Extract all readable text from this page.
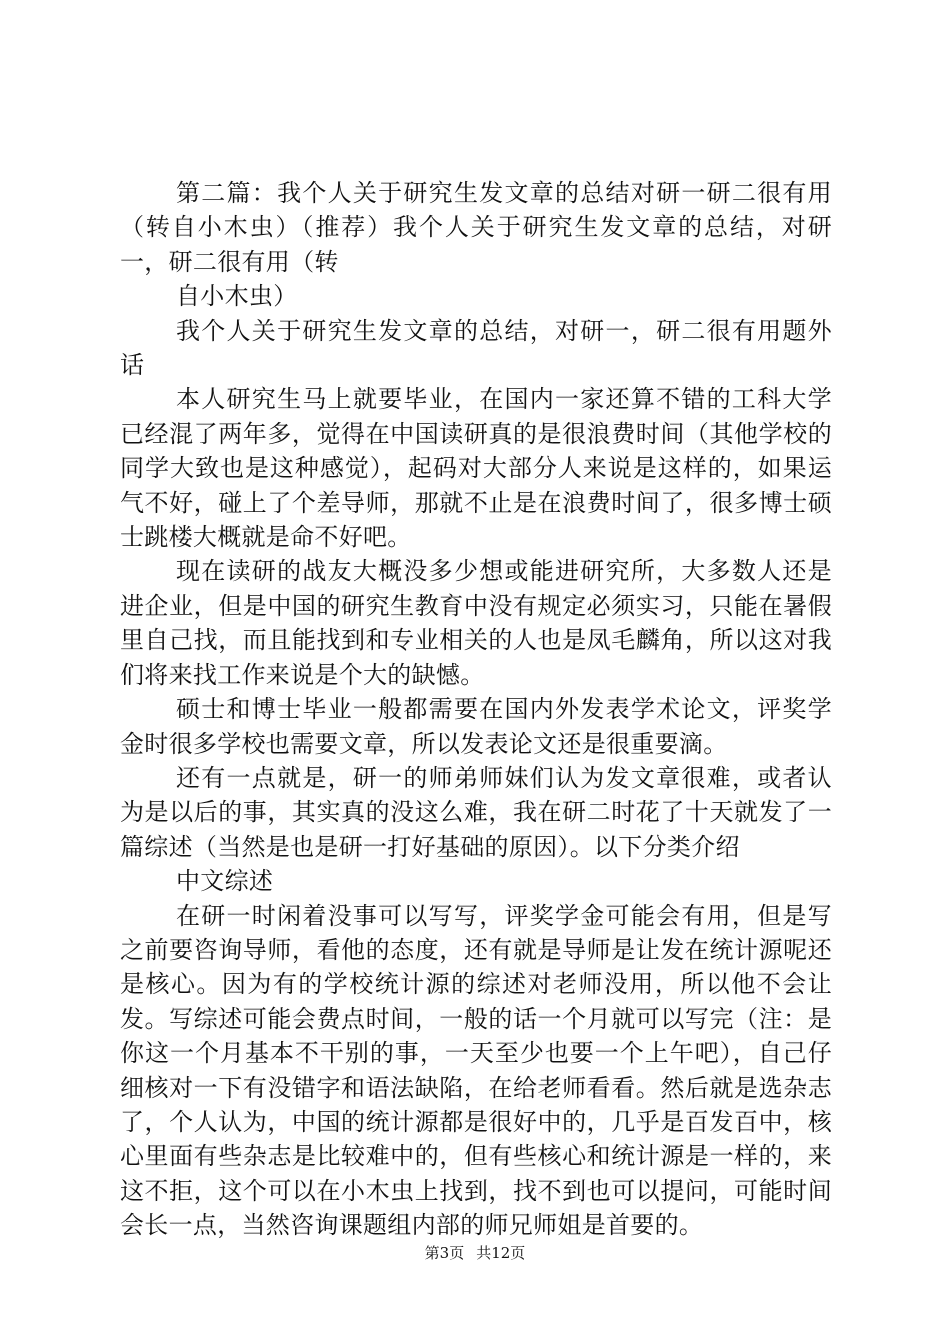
第二篇：我个人关于研究生发文章的总结对研一研二很有用（转自小木虫）（推荐）我个人关于研究生发文章的总结，对研一，研二很有用（转

自小木虫）

我个人关于研究生发文章的总结，对研一，研二很有用题外话

本人研究生马上就要毕业，在国内一家还算不错的工科大学已经混了两年多，觉得在中国读研真的是很浪费时间（其他学校的同学大致也是这种感觉），起码对大部分人来说是这样的，如果运气不好，碰上了个差导师，那就不止是在浪费时间了，很多博士硕士跳楼大概就是命不好吧。

现在读研的战友大概没多少想或能进研究所，大多数人还是进企业，但是中国的研究生教育中没有规定必须实习，只能在暑假里自己找，而且能找到和专业相关的人也是凤毛麟角，所以这对我们将来找工作来说是个大的缺憾。

硕士和博士毕业一般都需要在国内外发表学术论文，评奖学金时很多学校也需要文章，所以发表论文还是很重要滴。

还有一点就是，研一的师弟师妹们认为发文章很难，或者认为是以后的事，其实真的没这么难，我在研二时花了十天就发了一篇综述（当然是也是研一打好基础的原因）。以下分类介绍

中文综述

在研一时闲着没事可以写写，评奖学金可能会有用，但是写之前要咨询导师，看他的态度，还有就是导师是让发在统计源呢还是核心。因为有的学校统计源的综述对老师没用，所以他不会让发。写综述可能会费点时间，一般的话一个月就可以写完（注：是你这一个月基本不干别的事，一天至少也要一个上午吧），自己仔细核对一下有没错字和语法缺陷，在给老师看看。然后就是选杂志了，个人认为，中国的统计源都是很好中的，几乎是百发百中，核心里面有些杂志是比较难中的，但有些核心和统计源是一样的，来这不拒，这个可以在小木虫上找到，找不到也可以提问，可能时间会长一点，当然咨询课题组内部的师兄师姐是首要的。

第3页 共12页
